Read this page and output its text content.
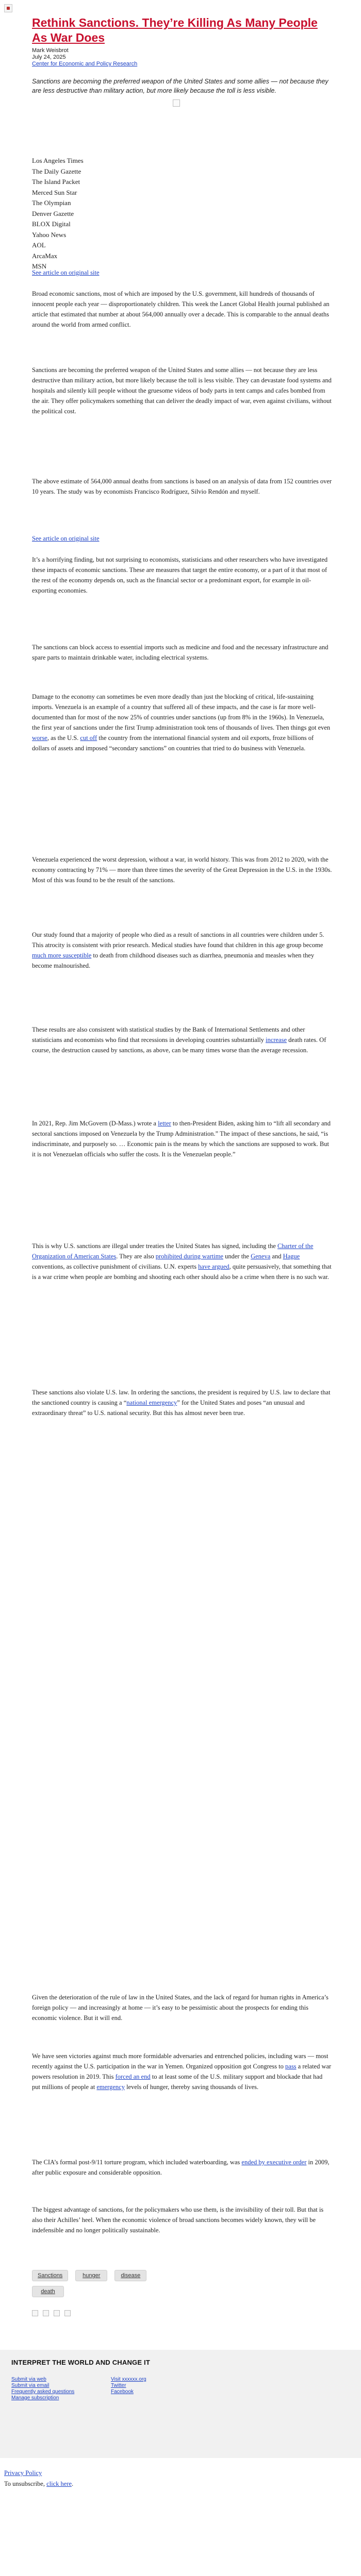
Rethink Sanctions. They’re Killing As Many People As War Does
Mark Weisbrot
July 24, 2025
Center for Economic and Policy Research

Sanctions are becoming the preferred weapon of the United States and some allies — not because they are less destructive than military action, but more likely because the toll is less visible.

Los Angeles Times
The Daily Gazette
The Island Packet
Merced Sun Star
The Olympian
Denver Gazette
BLOX Digital
Yahoo News
AOL
ArcaMax
MSN
See article on original site

Broad economic sanctions, most of which are imposed by the U.S. government, kill hundreds of thousands of innocent people each year — disproportionately children. This week the Lancet Global Health journal published an article that estimated that number at about 564,000 annually over a decade. This is comparable to the annual deaths around the world from armed conflict.

Sanctions are becoming the preferred weapon of the United States and some allies — not because they are less destructive than military action, but more likely because the toll is less visible. They can devastate food systems and hospitals and silently kill people without the gruesome videos of body parts in tent camps and cafes bombed from the air. They offer policymakers something that can deliver the deadly impact of war, even against civilians, without the political cost.

The above estimate of 564,000 annual deaths from sanctions is based on an analysis of data from 152 countries over 10 years. The study was by economists Francisco Rodríguez, Silvio Rendón and myself.

See article on original site

It’s a horrifying finding, but not surprising to economists, statisticians and other researchers who have investigated these impacts of economic sanctions. These are measures that target the entire economy, or a part of it that most of the rest of the economy depends on, such as the financial sector or a predominant export, for example in oil-exporting economies.

The sanctions can block access to essential imports such as medicine and food and the necessary infrastructure and spare parts to maintain drinkable water, including electrical systems.

Damage to the economy can sometimes be even more deadly than just the blocking of critical, life-sustaining imports. Venezuela is an example of a country that suffered all of these impacts, and the case is far more well-documented than for most of the now 25% of countries under sanctions (up from 8% in the 1960s). In Venezuela, the first year of sanctions under the first Trump administration took tens of thousands of lives. Then things got even worse, as the U.S. cut off the country from the international financial system and oil exports, froze billions of dollars of assets and imposed “secondary sanctions” on countries that tried to do business with Venezuela.

Venezuela experienced the worst depression, without a war, in world history. This was from 2012 to 2020, with the economy contracting by 71% — more than three times the severity of the Great Depression in the U.S. in the 1930s. Most of this was found to be the result of the sanctions.

Our study found that a majority of people who died as a result of sanctions in all countries were children under 5. This atrocity is consistent with prior research. Medical studies have found that children in this age group become much more susceptible to death from childhood diseases such as diarrhea, pneumonia and measles when they become malnourished.

These results are also consistent with statistical studies by the Bank of International Settlements and other statisticians and economists who find that recessions in developing countries substantially increase death rates. Of course, the destruction caused by sanctions, as above, can be many times worse than the average recession.

In 2021, Rep. Jim McGovern (D-Mass.) wrote a letter to then-President Biden, asking him to “lift all secondary and sectoral sanctions imposed on Venezuela by the Trump Administration.” The impact of these sanctions, he said, “is indiscriminate, and purposely so. … Economic pain is the means by which the sanctions are supposed to work. But it is not Venezuelan officials who suffer the costs. It is the Venezuelan people.”

This is why U.S. sanctions are illegal under treaties the United States has signed, including the Charter of the Organization of American States. They are also prohibited during wartime under the Geneva and Hague conventions, as collective punishment of civilians. U.N. experts have argued, quite persuasively, that something that is a war crime when people are bombing and shooting each other should also be a crime when there is no such war.

These sanctions also violate U.S. law. In ordering the sanctions, the president is required by U.S. law to declare that the sanctioned country is causing a “national emergency” for the United States and poses “an unusual and extraordinary threat” to U.S. national security. But this has almost never been true.

Given the deterioration of the rule of law in the United States, and the lack of regard for human rights in America’s foreign policy — and increasingly at home — it’s easy to be pessimistic about the prospects for ending this economic violence. But it will end.

We have seen victories against much more formidable adversaries and entrenched policies, including wars — most recently against the U.S. participation in the war in Yemen. Organized opposition got Congress to pass a related war powers resolution in 2019. This forced an end to at least some of the U.S. military support and blockade that had put millions of people at emergency levels of hunger, thereby saving thousands of lives.

The CIA’s formal post-9/11 torture program, which included waterboarding, was ended by executive order in 2009, after public exposure and considerable opposition.

The biggest advantage of sanctions, for the policymakers who use them, is the invisibility of their toll. But that is also their Achilles’ heel. When the economic violence of broad sanctions becomes widely known, they will be indefensible and no longer politically sustainable.

Sanctions	hunger	disease
death
INTERPRET THE WORLD AND CHANGE IT
Submit via web
Submit via email
Frequently asked questions
Manage subscription
Visit xxxxxx.org
Twitter
Facebook
Privacy Policy
To unsubscribe, click here.
